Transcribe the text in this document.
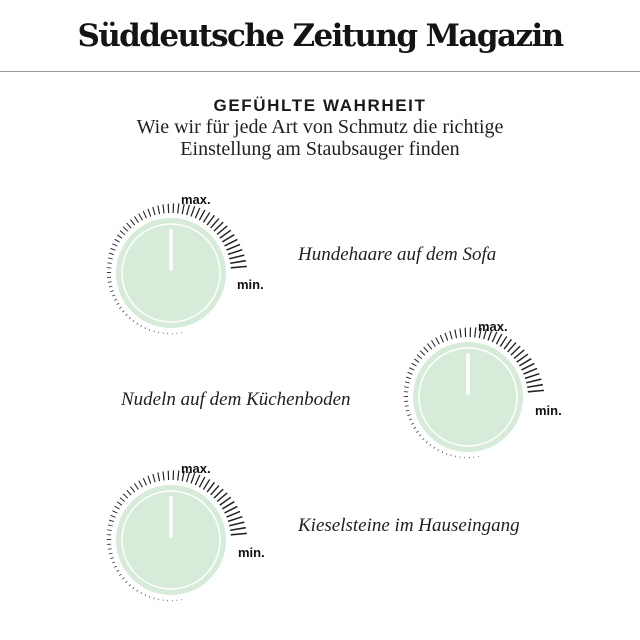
Süddeutsche Zeitung Magazin
GEFÜHLTE WAHRHEIT
Wie wir für jede Art von Schmutz die richtige
Einstellung am Staubsauger finden
max.
min.
max.
min.
max.
min.
Hundehaare auf dem Sofa
Nudeln auf dem Küchenboden
Kieselsteine im Hauseingang
